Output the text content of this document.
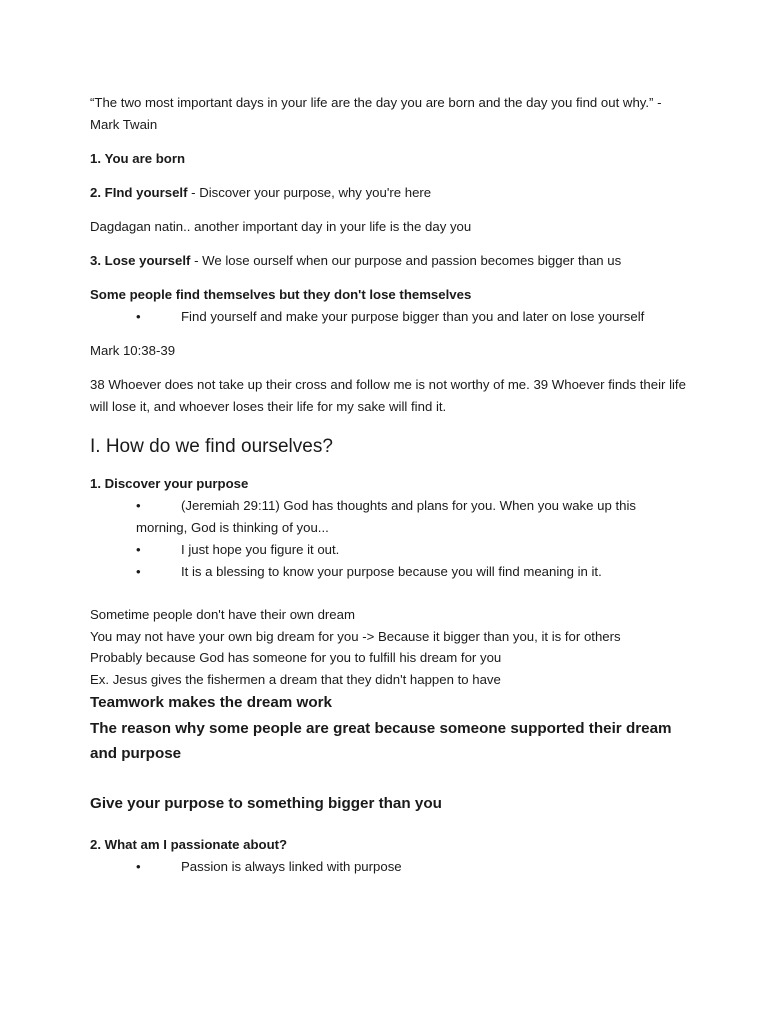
“The two most important days in your life are the day you are born and the day you find out why.” -Mark Twain

1. You are born

2. FInd yourself - Discover your purpose, why you're here

Dagdagan natin.. another important day in your life is the day you

3. Lose yourself - We lose ourself when our purpose and passion becomes bigger than us

Some people find themselves but they don't lose themselves

•	Find yourself and make your purpose bigger than you and later on lose yourself

Mark 10:38-39

38 Whoever does not take up their cross and follow me is not worthy of me. 39 Whoever finds their life will lose it, and whoever loses their life for my sake will find it.

I. How do we find ourselves?

1. Discover your purpose

•	(Jeremiah 29:11) God has thoughts and plans for you. When you wake up this morning, God is thinking of you...
•	I just hope you figure it out.
•	It is a blessing to know your purpose because you will find meaning in it.

Sometime people don't have their own dream

You may not have your own big dream for you -> Because it bigger than you, it is for others

Probably because God has someone for you to fulfill his dream for you

Ex. Jesus gives the fishermen a dream that they didn't happen to have

Teamwork makes the dream work

The reason why some people are great because someone supported their dream and purpose

Give your purpose to something bigger than you

2. What am I passionate about?

•	Passion is always linked with purpose
